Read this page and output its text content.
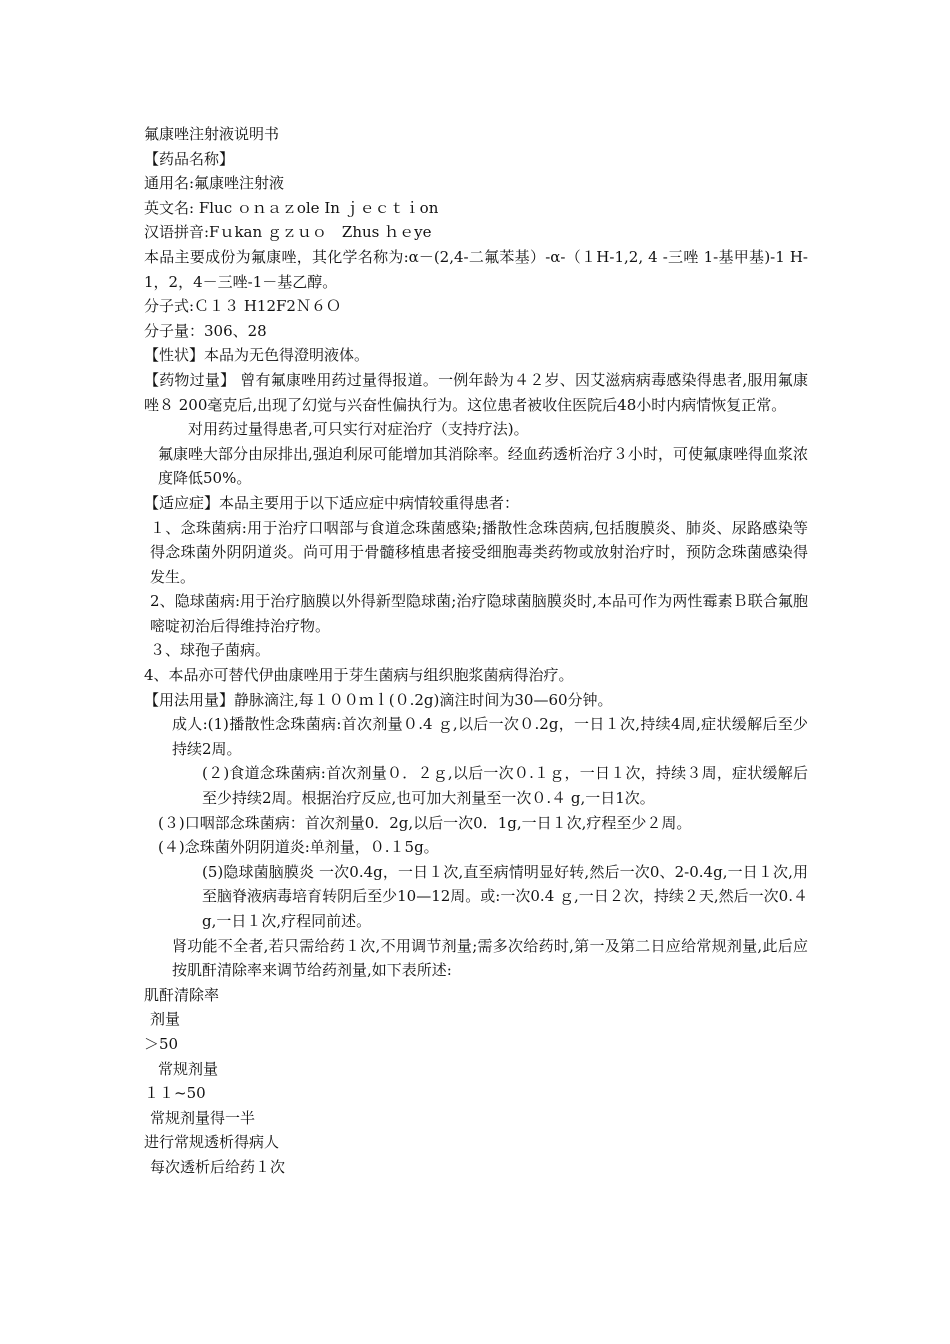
氟康唑注射液说明书

【药品名称】

通用名:氟康唑注射液

英文名: Fluc ｏｎａｚole In ｊｅｃｔｉon

汉语拼音:Fｕkan ｇｚｕｏ　Zhus ｈｅye

本品主要成份为氟康唑，其化学名称为:α－(2,4-二氟苯基）-α-（１H-1,2, 4 -三唑 1-基甲基)-1 H-1，2，4－三唑-1－基乙醇。

分子式:Ｃ１３ H12F2Ｎ６Ｏ

分子量：306、28

【性状】本品为无色得澄明液体。

【药物过量】 曾有氟康唑用药过量得报道。一例年龄为４２岁、因艾滋病病毒感染得患者,服用氟康唑８ 200毫克后,出现了幻觉与兴奋性偏执行为。这位患者被收住医院后48小时内病情恢复正常。

对用药过量得患者,可只实行对症治疗（支持疗法)。

氟康唑大部分由尿排出,强迫利尿可能增加其消除率。经血药透析治疗３小时，可使氟康唑得血浆浓度降低50%。

【适应症】本品主要用于以下适应症中病情较重得患者：

１、念珠菌病:用于治疗口咽部与食道念珠菌感染;播散性念珠茵病,包括腹膜炎、肺炎、尿路感染等得念珠菌外阴阴道炎。尚可用于骨髓移植患者接受细胞毒类药物或放射治疗时，预防念珠菌感染得发生。

2、隐球菌病:用于治疗脑膜以外得新型隐球菌;治疗隐球菌脑膜炎时,本品可作为两性霉素Ｂ联合氟胞嘧啶初治后得维持治疗物。

３、球孢子菌病。

4、本品亦可替代伊曲康唑用于芽生菌病与组织胞浆菌病得治疗。

【用法用量】静脉滴注,每１００ｍｌ(０.2g)滴注时间为30—60分钟。

成人:(1)播散性念珠菌病:首次剂量０.4 ｇ,以后一次０.2g，一日１次,持续4周,症状缓解后至少持续2周。

(２)食道念珠菌病:首次剂量０．２ｇ,以后一次０.１ｇ，一日１次，持续３周，症状缓解后至少持续2周。根据治疗反应,也可加大剂量至一次０.４ g,一日1次。

(３)口咽部念珠菌病：首次剂量0．2g,以后一次0．1g,一日１次,疗程至少２周。

(４)念珠菌外阴阴道炎:单剂量，０.１5g。

(5)隐球菌脑膜炎 一次0.4g，一日１次,直至病情明显好转,然后一次0、2-0.4g,一日１次,用至脑脊液病毒培育转阴后至少10—12周。或:一次0.4 ｇ,一日２次，持续２天,然后一次0.４ g,一日１次,疗程同前述。

肾功能不全者,若只需给药１次,不用调节剂量;需多次给药时,第一及第二日应给常规剂量,此后应按肌酐清除率来调节给药剂量,如下表所述:

肌酐清除率

剂量

＞50

常规剂量

１１~50

常规剂量得一半

进行常规透析得病人

每次透析后给药１次
